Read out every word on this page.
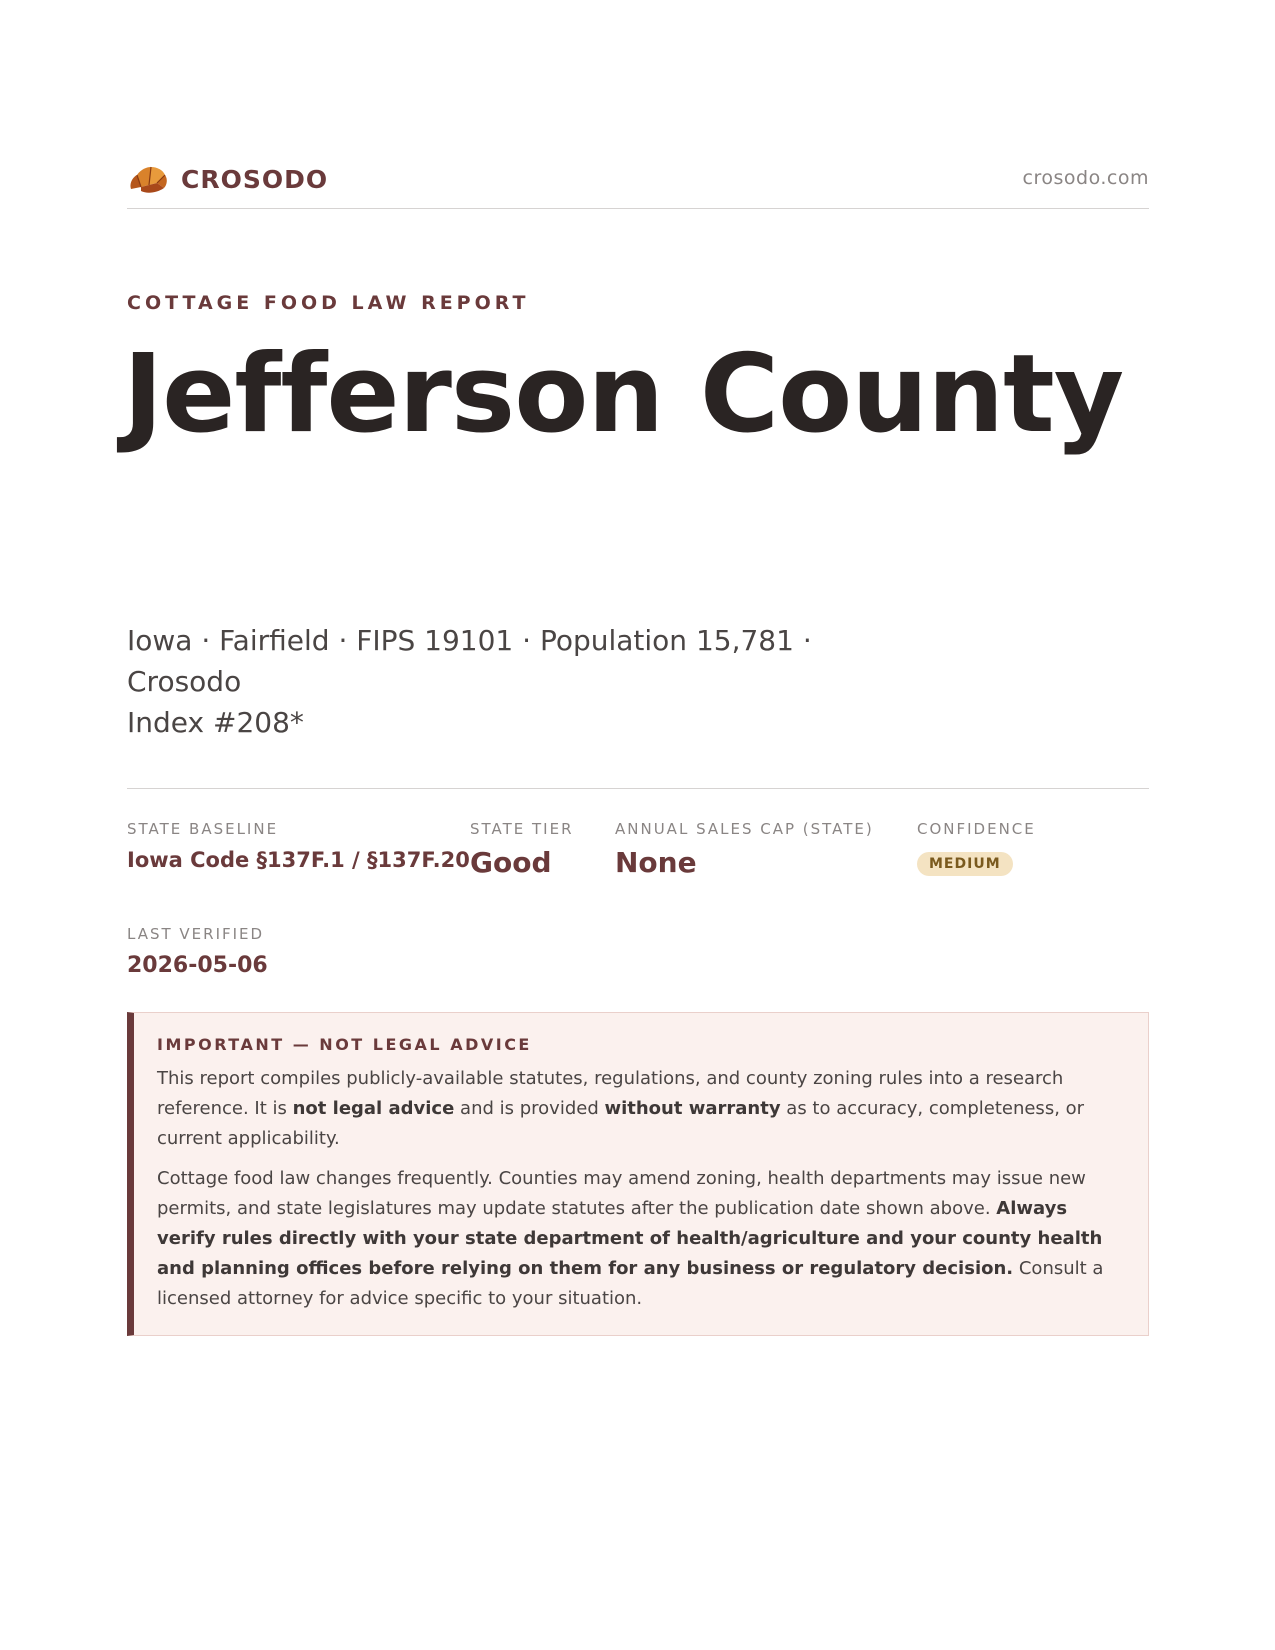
CROSODO	crosodo.com
COTTAGE FOOD LAW REPORT
Jefferson County
Iowa · Fairfield · FIPS 19101 · Population 15,781 · Crosodo
Index #208*
STATE BASELINE
Iowa Code §137F.1 / §137F.20
STATE TIER
Good
ANNUAL SALES CAP (STATE)
None
CONFIDENCE
MEDIUM
LAST VERIFIED
2026-05-06
IMPORTANT — NOT LEGAL ADVICE

This report compiles publicly-available statutes, regulations, and county zoning rules into a research reference. It is not legal advice and is provided without warranty as to accuracy, completeness, or current applicability.

Cottage food law changes frequently. Counties may amend zoning, health departments may issue new permits, and state legislatures may update statutes after the publication date shown above. Always verify rules directly with your state department of health/agriculture and your county health and planning offices before relying on them for any business or regulatory decision. Consult a licensed attorney for advice specific to your situation.
